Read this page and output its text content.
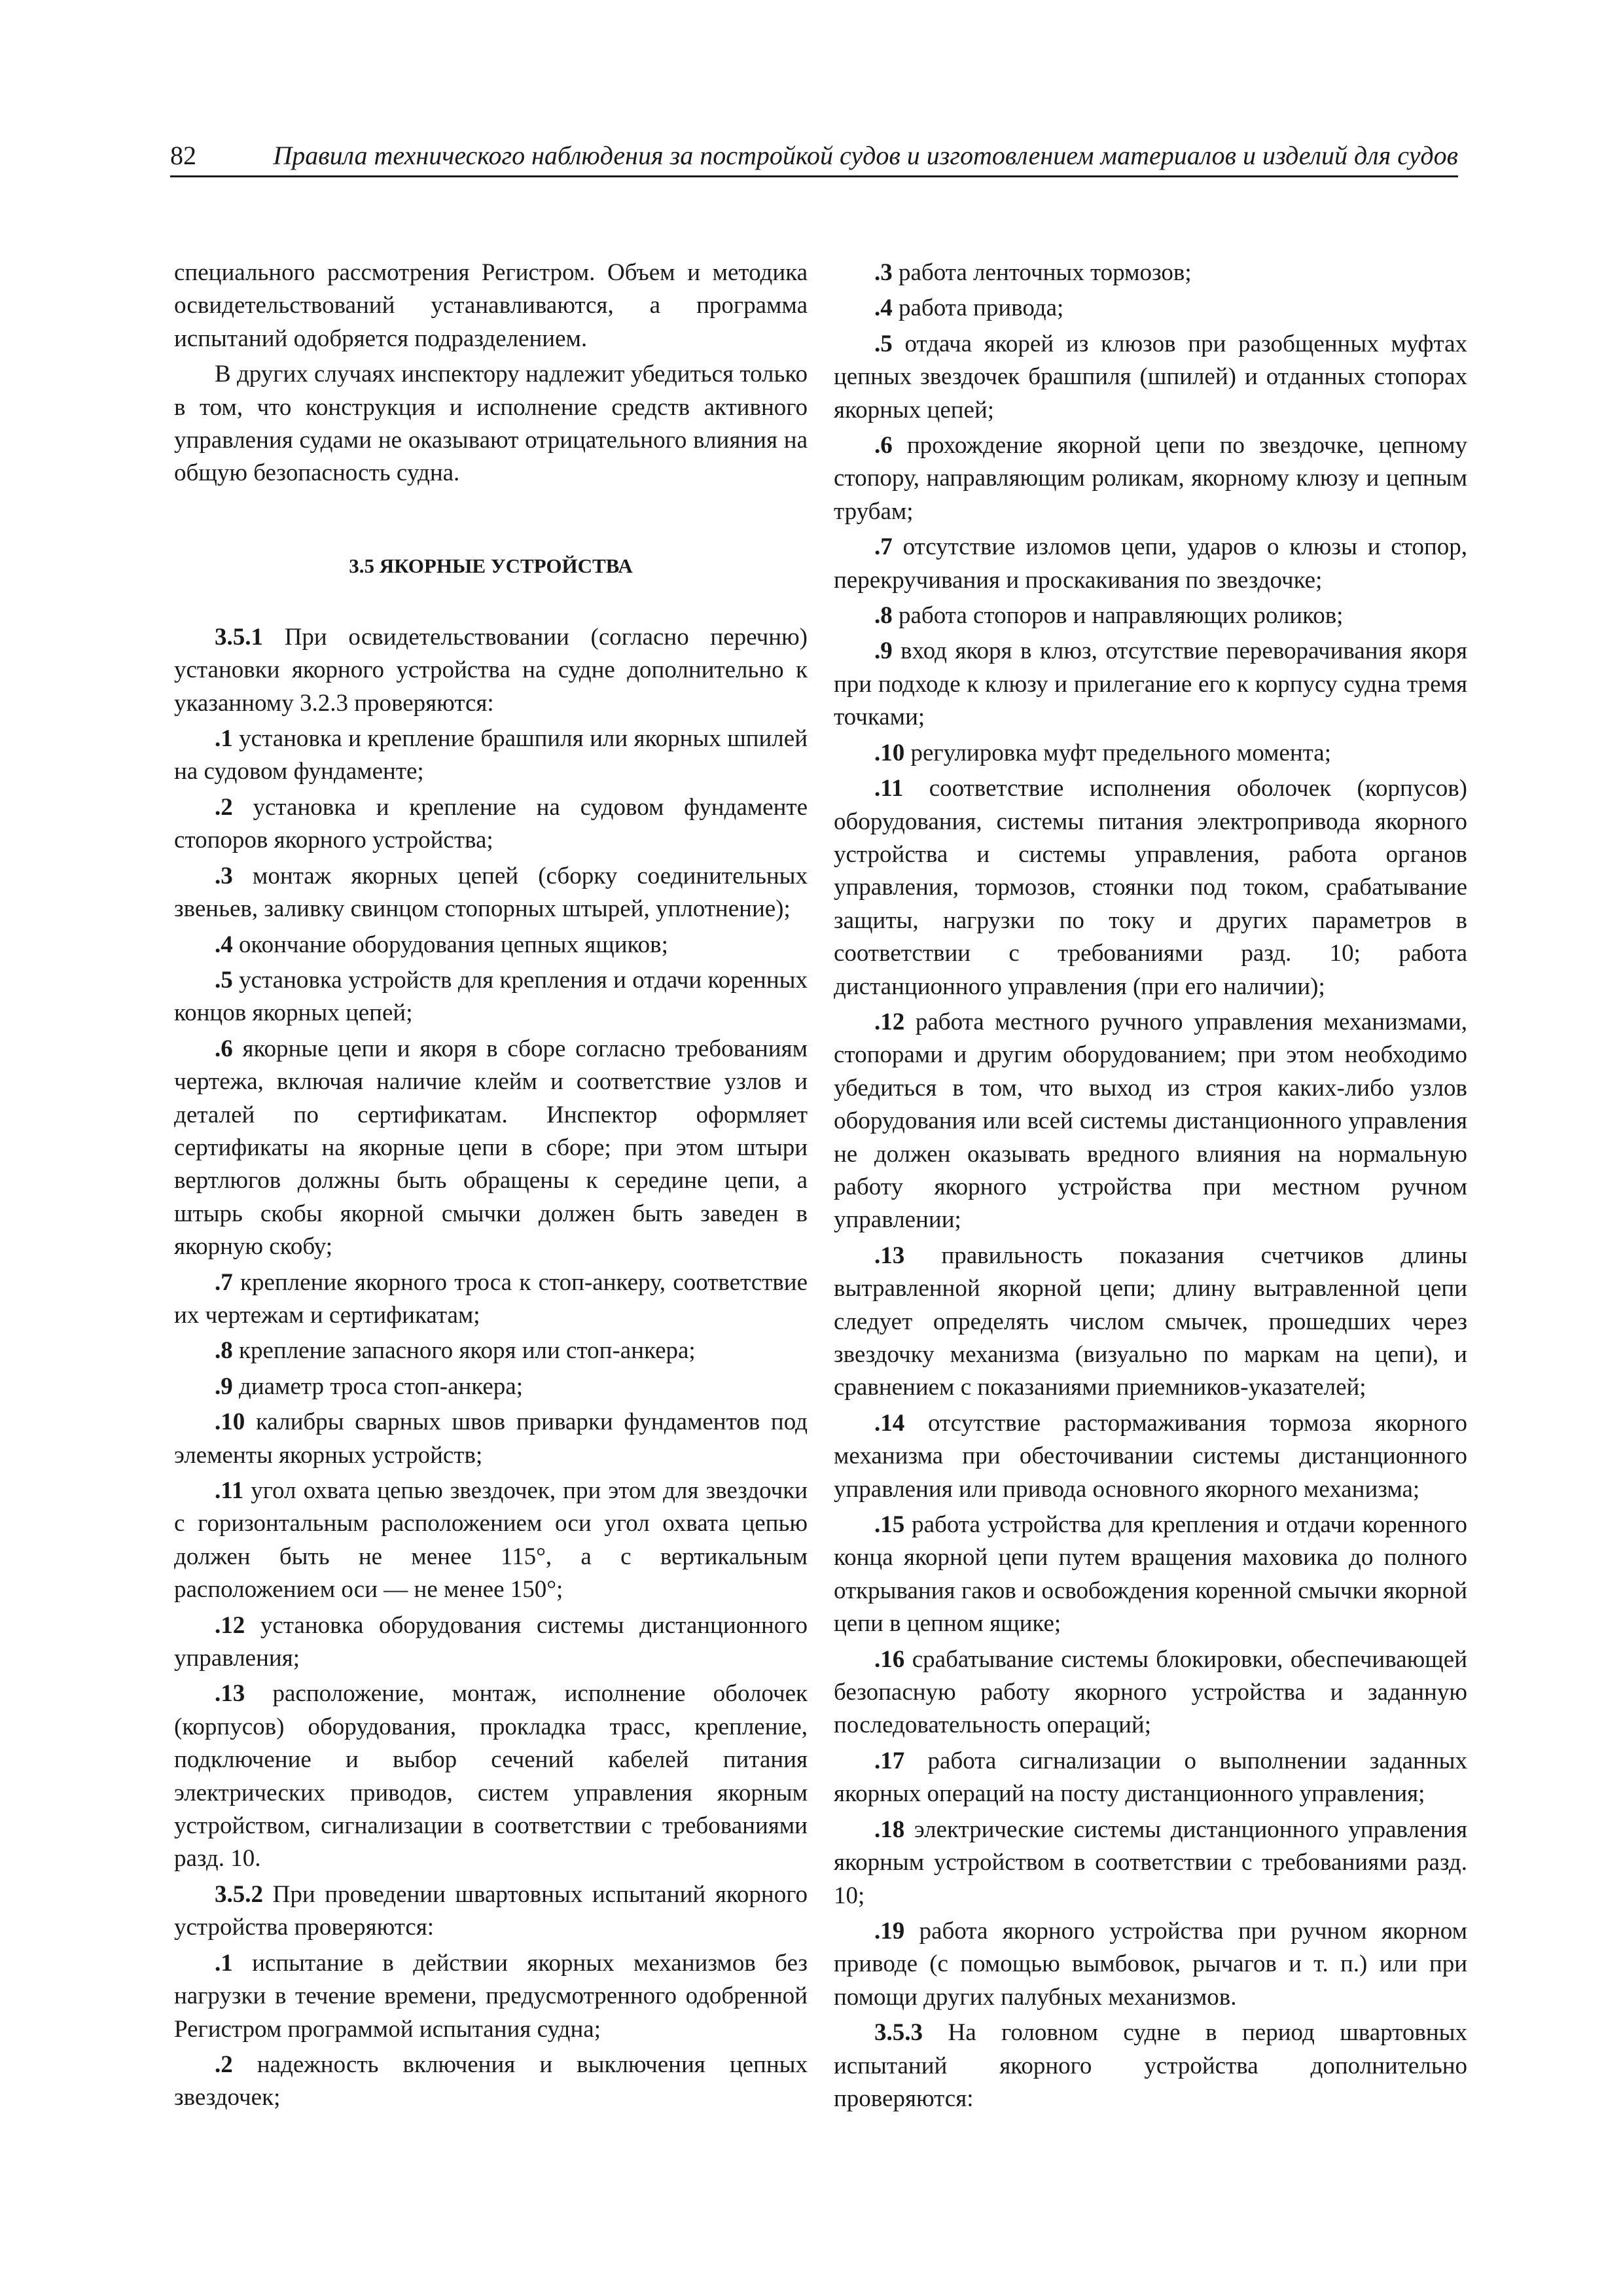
82	Правила технического наблюдения за постройкой судов и изготовлением материалов и изделий для судов

специального рассмотрения Регистром. Объем и методика освидетельствований устанавливаются, а программа испытаний одобряется подразделением.

В других случаях инспектору надлежит убедиться только в том, что конструкция и исполнение средств активного управления судами не оказывают отрицательного влияния на общую безопасность судна.

3.5 ЯКОРНЫЕ УСТРОЙСТВА

3.5.1 При освидетельствовании (согласно перечню) установки якорного устройства на судне дополнительно к указанному 3.2.3 проверяются:

.1 установка и крепление брашпиля или якорных шпилей на судовом фундаменте;

.2 установка и крепление на судовом фундаменте стопоров якорного устройства;

.3 монтаж якорных цепей (сборку соединительных звеньев, заливку свинцом стопорных штырей, уплотнение);

.4 окончание оборудования цепных ящиков;

.5 установка устройств для крепления и отдачи коренных концов якорных цепей;

.6 якорные цепи и якоря в сборе согласно требованиям чертежа, включая наличие клейм и соответствие узлов и деталей по сертификатам. Инспектор оформляет сертификаты на якорные цепи в сборе; при этом штыри вертлюгов должны быть обращены к середине цепи, а штырь скобы якорной смычки должен быть заведен в якорную скобу;

.7 крепление якорного троса к стоп-анкеру, соответствие их чертежам и сертификатам;

.8 крепление запасного якоря или стоп-анкера;

.9 диаметр троса стоп-анкера;

.10 калибры сварных швов приварки фундаментов под элементы якорных устройств;

.11 угол охвата цепью звездочек, при этом для звездочки с горизонтальным расположением оси угол охвата цепью должен быть не менее 115°, а с вертикальным расположением оси — не менее 150°;

.12 установка оборудования системы дистанционного управления;

.13 расположение, монтаж, исполнение оболочек (корпусов) оборудования, прокладка трасс, крепление, подключение и выбор сечений кабелей питания электрических приводов, систем управления якорным устройством, сигнализации в соответствии с требованиями разд. 10.

3.5.2 При проведении швартовных испытаний якорного устройства проверяются:

.1 испытание в действии якорных механизмов без нагрузки в течение времени, предусмотренного одобренной Регистром программой испытания судна;

.2 надежность включения и выключения цепных звездочек;

.3 работа ленточных тормозов;

.4 работа привода;

.5 отдача якорей из клюзов при разобщенных муфтах цепных звездочек брашпиля (шпилей) и отданных стопорах якорных цепей;

.6 прохождение якорной цепи по звездочке, цепному стопору, направляющим роликам, якорному клюзу и цепным трубам;

.7 отсутствие изломов цепи, ударов о клюзы и стопор, перекручивания и проскакивания по звездочке;

.8 работа стопоров и направляющих роликов;

.9 вход якоря в клюз, отсутствие переворачивания якоря при подходе к клюзу и прилегание его к корпусу судна тремя точками;

.10 регулировка муфт предельного момента;

.11 соответствие исполнения оболочек (корпусов) оборудования, системы питания электропривода якорного устройства и системы управления, работа органов управления, тормозов, стоянки под током, срабатывание защиты, нагрузки по току и других параметров в соответствии с требованиями разд. 10; работа дистанционного управления (при его наличии);

.12 работа местного ручного управления механизмами, стопорами и другим оборудованием; при этом необходимо убедиться в том, что выход из строя каких-либо узлов оборудования или всей системы дистанционного управления не должен оказывать вредного влияния на нормальную работу якорного устройства при местном ручном управлении;

.13 правильность показания счетчиков длины вытравленной якорной цепи; длину вытравленной цепи следует определять числом смычек, прошедших через звездочку механизма (визуально по маркам на цепи), и сравнением с показаниями приемников-указателей;

.14 отсутствие растормаживания тормоза якорного механизма при обесточивании системы дистанционного управления или привода основного якорного механизма;

.15 работа устройства для крепления и отдачи коренного конца якорной цепи путем вращения маховика до полного открывания гаков и освобождения коренной смычки якорной цепи в цепном ящике;

.16 срабатывание системы блокировки, обеспечивающей безопасную работу якорного устройства и заданную последовательность операций;

.17 работа сигнализации о выполнении заданных якорных операций на посту дистанционного управления;

.18 электрические системы дистанционного управления якорным устройством в соответствии с требованиями разд. 10;

.19 работа якорного устройства при ручном якорном приводе (с помощью вымбовок, рычагов и т. п.) или при помощи других палубных механизмов.

3.5.3 На головном судне в период швартовных испытаний якорного устройства дополнительно проверяются:
